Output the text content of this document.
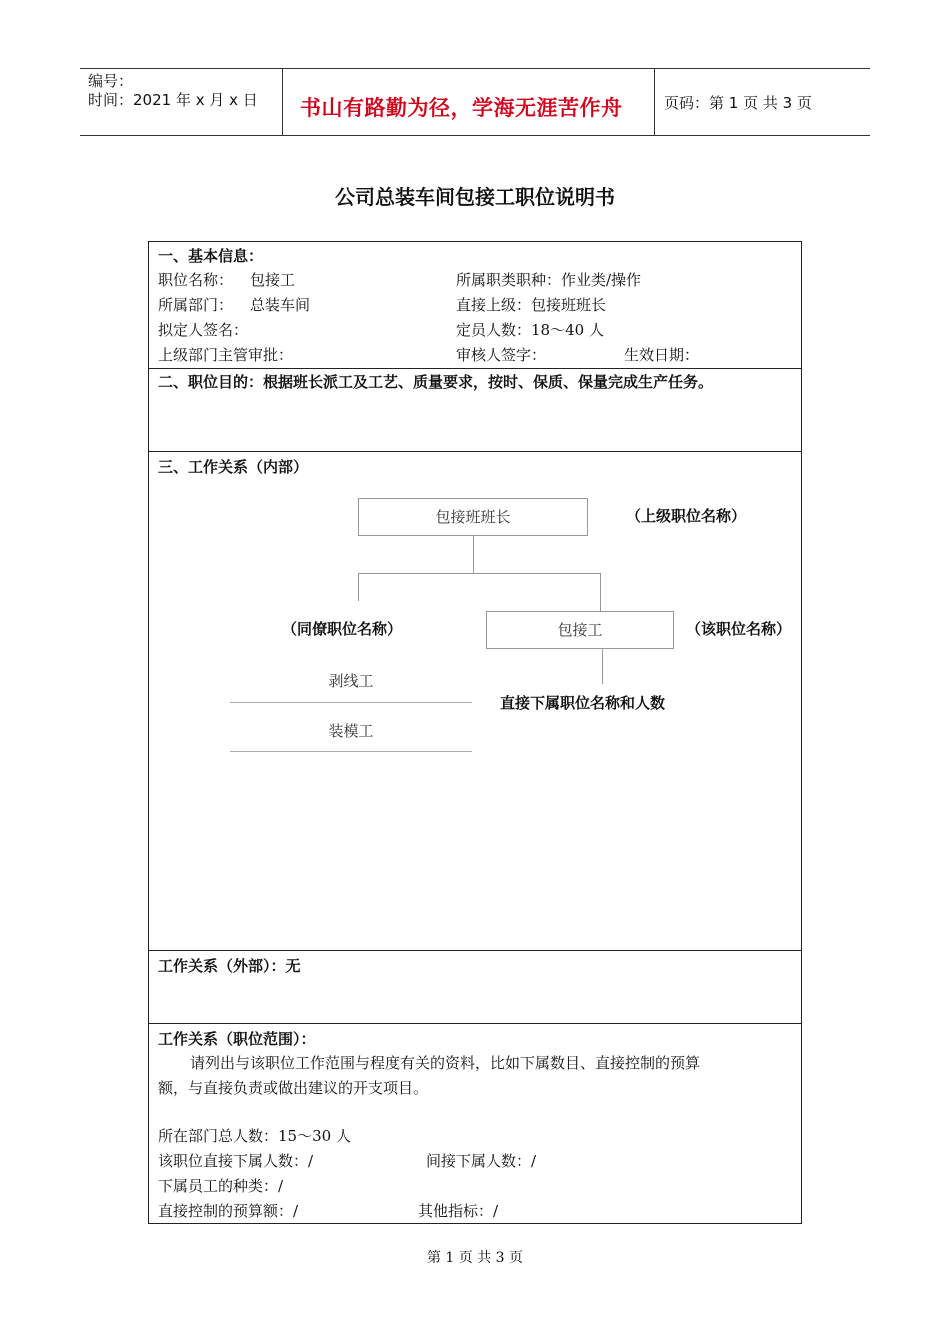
编号：
时间：2021 年 x 月 x 日 书山有路勤为径，学海无涯苦作舟	页码：第 1 页 共 3 页
公司总装车间包接工职位说明书
一、基本信息：
职位名称： 包接工	所属职类职种：作业类/操作
所属部门： 总装车间	直接上级：包接班班长
拟定人签名：	定员人数：18～40 人
上级部门主管审批：	审核人签字：	生效日期：
二、职位目的：根据班长派工及工艺、质量要求，按时、保质、保量完成生产任务。
三、工作关系（内部）
包接班班长	（上级职位名称）
（同僚职位名称）	包接工	（该职位名称）
剥线工
装模工
直接下属职位名称和人数
工作关系（外部）：无
工作关系（职位范围）：
请列出与该职位工作范围与程度有关的资料，比如下属数目、直接控制的预算
额，与直接负责或做出建议的开支项目。
所在部门总人数：15～30 人
该职位直接下属人数：/	间接下属人数：/
下属员工的种类：/
直接控制的预算额：/	其他指标：/
第 1 页 共 3 页
